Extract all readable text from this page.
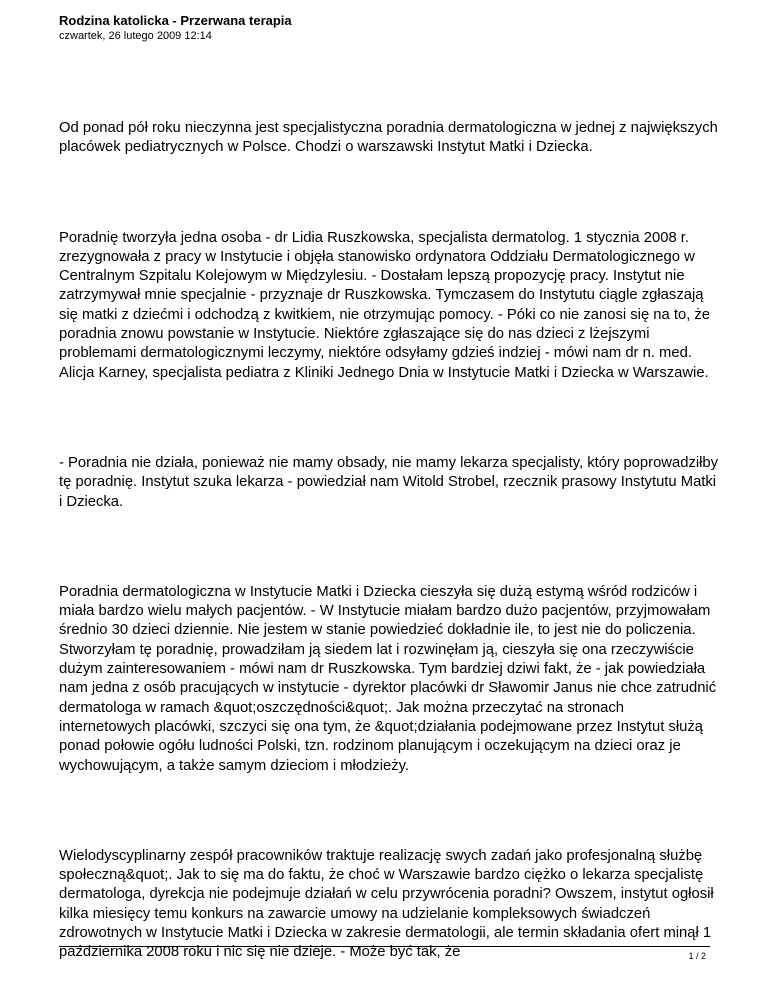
Rodzina katolicka - Przerwana terapia

czwartek, 26 lutego 2009 12:14

Od ponad pół roku nieczynna jest specjalistyczna poradnia dermatologiczna w jednej z największych placówek pediatrycznych w Polsce. Chodzi o warszawski Instytut Matki i Dziecka.

Poradnię tworzyła jedna osoba - dr Lidia Ruszkowska, specjalista dermatolog. 1 stycznia 2008 r. zrezygnowała z pracy w Instytucie i objęła stanowisko ordynatora Oddziału Dermatologicznego w Centralnym Szpitalu Kolejowym w Międzylesiu. - Dostałam lepszą propozycję pracy. Instytut nie zatrzymywał mnie specjalnie - przyznaje dr Ruszkowska. Tymczasem do Instytutu ciągle zgłaszają się matki z dziećmi i odchodzą z kwitkiem, nie otrzymując pomocy. - Póki co nie zanosi się na to, że poradnia znowu powstanie w Instytucie. Niektóre zgłaszające się do nas dzieci z lżejszymi problemami dermatologicznymi leczymy, niektóre odsyłamy gdzieś indziej - mówi nam dr n. med. Alicja Karney, specjalista pediatra z Kliniki Jednego Dnia w Instytucie Matki i Dziecka w Warszawie.

- Poradnia nie działa, ponieważ nie mamy obsady, nie mamy lekarza specjalisty, który poprowadziłby tę poradnię. Instytut szuka lekarza - powiedział nam Witold Strobel, rzecznik prasowy Instytutu Matki i Dziecka.

Poradnia dermatologiczna w Instytucie Matki i Dziecka cieszyła się dużą estymą wśród rodziców i miała bardzo wielu małych pacjentów. - W Instytucie miałam bardzo dużo pacjentów, przyjmowałam średnio 30 dzieci dziennie. Nie jestem w stanie powiedzieć dokładnie ile, to jest nie do policzenia. Stworzyłam tę poradnię, prowadziłam ją siedem lat i rozwinęłam ją, cieszyła się ona rzeczywiście dużym zainteresowaniem - mówi nam dr Ruszkowska. Tym bardziej dziwi fakt, że - jak powiedziała nam jedna z osób pracujących w instytucie - dyrektor placówki dr Sławomir Janus nie chce zatrudnić dermatologa w ramach &quot;oszczędności&quot;. Jak można przeczytać na stronach internetowych placówki, szczyci się ona tym, że &quot;działania podejmowane przez Instytut służą ponad połowie ogółu ludności Polski, tzn. rodzinom planującym i oczekującym na dzieci oraz je wychowującym, a także samym dzieciom i młodzieży.

Wielodyscyplinarny zespół pracowników traktuje realizację swych zadań jako profesjonalną służbę społeczną&quot;. Jak to się ma do faktu, że choć w Warszawie bardzo ciężko o lekarza specjalistę dermatologa, dyrekcja nie podejmuje działań w celu przywrócenia poradni? Owszem, instytut ogłosił kilka miesięcy temu konkurs na zawarcie umowy na udzielanie kompleksowych świadczeń zdrowotnych w Instytucie Matki i Dziecka w zakresie dermatologii, ale termin składania ofert minął 1 października 2008 roku i nic się nie dzieje. - Może być tak, że	1 / 2
